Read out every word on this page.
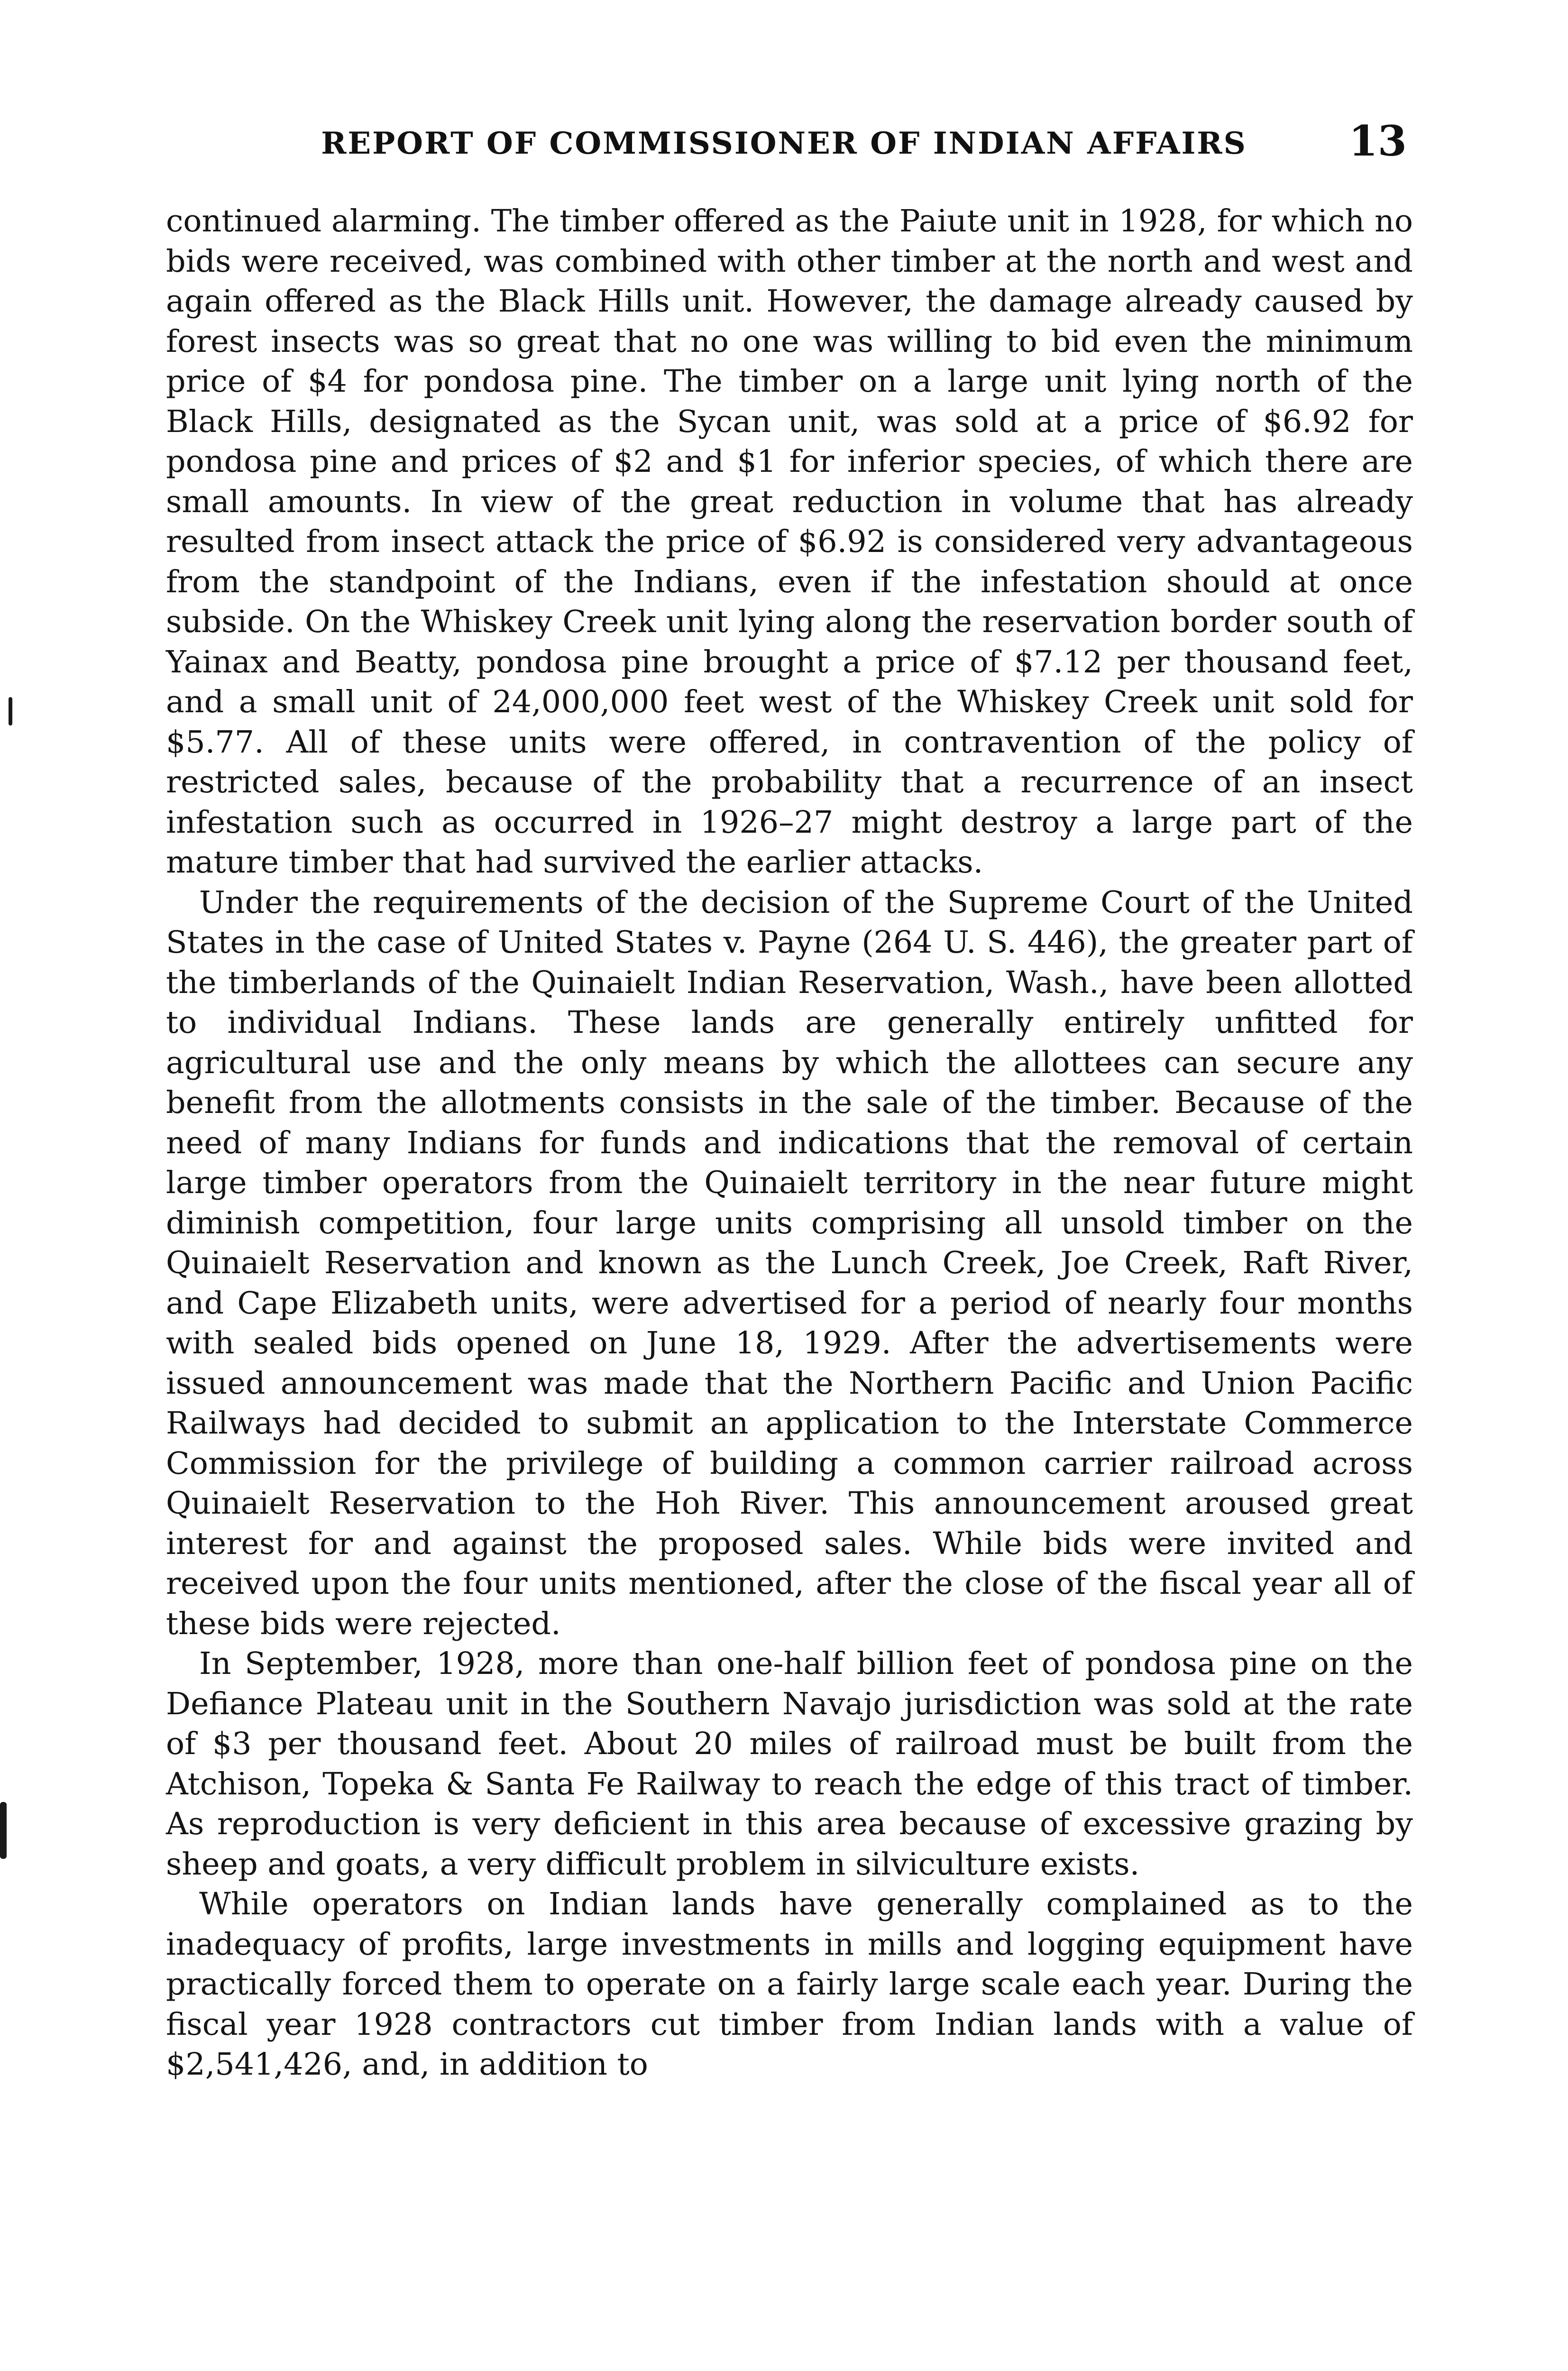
REPORT OF COMMISSIONER OF INDIAN AFFAIRS	13

continued alarming. The timber offered as the Paiute unit in 1928, for which no bids were received, was combined with other timber at the north and west and again offered as the Black Hills unit. However, the damage already caused by forest insects was so great that no one was willing to bid even the minimum price of $4 for pondosa pine. The timber on a large unit lying north of the Black Hills, designated as the Sycan unit, was sold at a price of $6.92 for pondosa pine and prices of $2 and $1 for inferior species, of which there are small amounts. In view of the great reduction in volume that has already resulted from insect attack the price of $6.92 is considered very advantageous from the standpoint of the Indians, even if the infestation should at once subside. On the Whiskey Creek unit lying along the reservation border south of Yainax and Beatty, pondosa pine brought a price of $7.12 per thousand feet, and a small unit of 24,000,000 feet west of the Whiskey Creek unit sold for $5.77. All of these units were offered, in contravention of the policy of restricted sales, because of the probability that a recurrence of an insect infestation such as occurred in 1926–27 might destroy a large part of the mature timber that had survived the earlier attacks.

Under the requirements of the decision of the Supreme Court of the United States in the case of United States v. Payne (264 U. S. 446), the greater part of the timberlands of the Quinaielt Indian Reservation, Wash., have been allotted to individual Indians. These lands are generally entirely unfitted for agricultural use and the only means by which the allottees can secure any benefit from the allotments consists in the sale of the timber. Because of the need of many Indians for funds and indications that the removal of certain large timber operators from the Quinaielt territory in the near future might diminish competition, four large units comprising all unsold timber on the Quinaielt Reservation and known as the Lunch Creek, Joe Creek, Raft River, and Cape Elizabeth units, were advertised for a period of nearly four months with sealed bids opened on June 18, 1929. After the advertisements were issued announcement was made that the Northern Pacific and Union Pacific Railways had decided to submit an application to the Interstate Commerce Commission for the privilege of building a common carrier railroad across Quinaielt Reservation to the Hoh River. This announcement aroused great interest for and against the proposed sales. While bids were invited and received upon the four units mentioned, after the close of the fiscal year all of these bids were rejected.

In September, 1928, more than one-half billion feet of pondosa pine on the Defiance Plateau unit in the Southern Navajo jurisdiction was sold at the rate of $3 per thousand feet. About 20 miles of railroad must be built from the Atchison, Topeka & Santa Fe Railway to reach the edge of this tract of timber. As reproduction is very deficient in this area because of excessive grazing by sheep and goats, a very difficult problem in silviculture exists.

While operators on Indian lands have generally complained as to the inadequacy of profits, large investments in mills and logging equipment have practically forced them to operate on a fairly large scale each year. During the fiscal year 1928 contractors cut timber from Indian lands with a value of $2,541,426, and, in addition to
